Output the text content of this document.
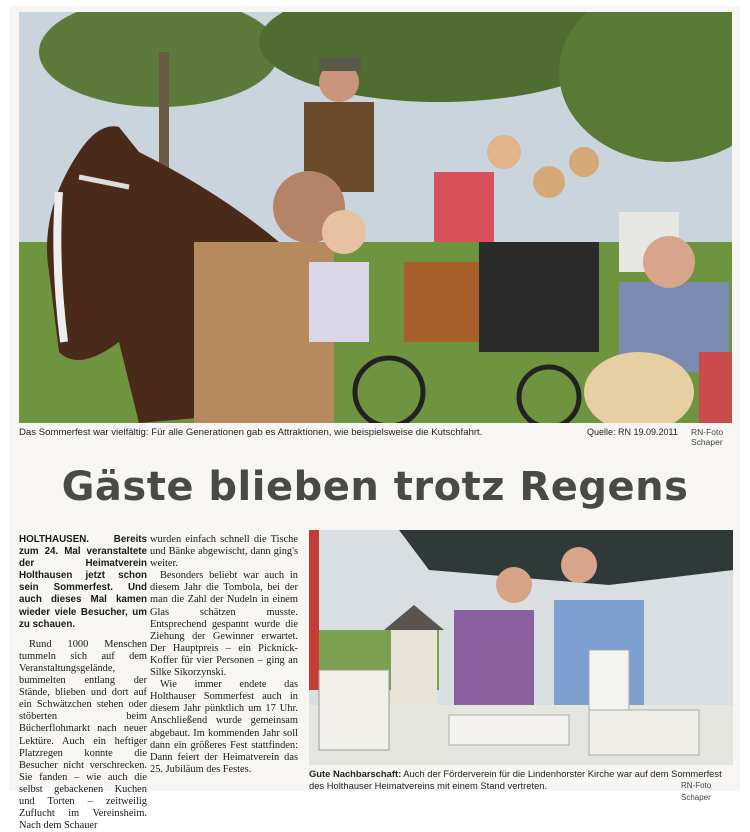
Das Sommerfest war vielfältig: Für alle Generationen gab es Attraktionen, wie beispielsweise die Kutschfahrt.	Quelle: RN 19.09.2011 RN-Foto Schaper
Gäste blieben trotz Regens

HOLTHAUSEN. Bereits zum 24. Mal veranstaltete der Heimatverein Holthausen jetzt schon sein Sommerfest. Und auch dieses Mal kamen wieder viele Besucher, um zu schauen.

Rund 1000 Menschen tummeln sich auf dem Veranstaltungsgelände, bummelten entlang der Stände, blieben und dort auf ein Schwätzchen stehen oder stöberten beim Bücherflohmarkt nach neuer Lektüre. Auch ein heftiger Platzregen konnte die Besucher nicht verschrecken. Sie fanden – wie auch die selbst gebackenen Kuchen und Torten – zeitweilig Zuflucht im Vereinsheim. Nach dem Schauer

wurden einfach schnell die Tische und Bänke abgewischt, dann ging's weiter.

Besonders beliebt war auch in diesem Jahr die Tombola, bei der man die Zahl der Nudeln in einem Glas schätzen musste. Entsprechend gespannt wurde die Ziehung der Gewinner erwartet. Der Hauptpreis – ein Picknick-Koffer für vier Personen – ging an Silke Sikorzynski.

Wie immer endete das Holthauser Sommerfest auch in diesem Jahr pünktlich um 17 Uhr. Anschließend wurde gemeinsam abgebaut. Im kommenden Jahr soll dann ein größeres Fest stattfinden: Dann feiert der Heimatverein das 25. Jubiläum des Festes.	Gute Nachbarschaft: Auch der Förderverein für die Lindenhorster Kirche war auf dem Sommerfest des Holthauser Heimatvereins mit einem Stand vertreten.	RN-Foto Schaper
